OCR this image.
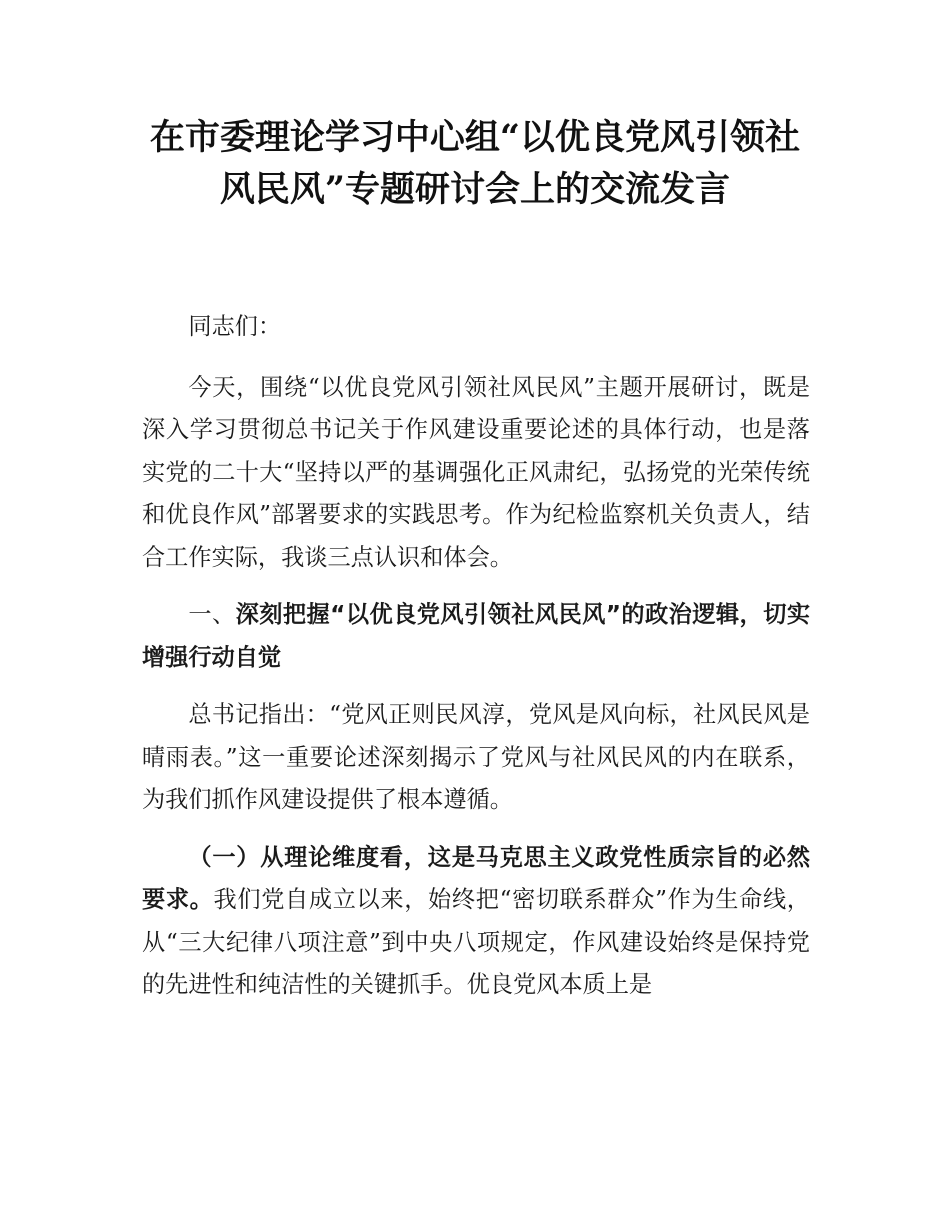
在市委理论学习中心组“以优良党风引领社
风民风”专题研讨会上的交流发言

同志们：

今天，围绕“以优良党风引领社风民风”主题开展研讨，既是深入学习贯彻总书记关于作风建设重要论述的具体行动，也是落实党的二十大“坚持以严的基调强化正风肃纪，弘扬党的光荣传统和优良作风”部署要求的实践思考。作为纪检监察机关负责人，结合工作实际，我谈三点认识和体会。

一、深刻把握“以优良党风引领社风民风”的政治逻辑，切实增强行动自觉

总书记指出：“党风正则民风淳，党风是风向标，社风民风是晴雨表。”这一重要论述深刻揭示了党风与社风民风的内在联系，为我们抓作风建设提供了根本遵循。

（一）从理论维度看，这是马克思主义政党性质宗旨的必然要求。我们党自成立以来，始终把“密切联系群众”作为生命线，从“三大纪律八项注意”到中央八项规定，作风建设始终是保持党的先进性和纯洁性的关键抓手。优良党风本质上是
